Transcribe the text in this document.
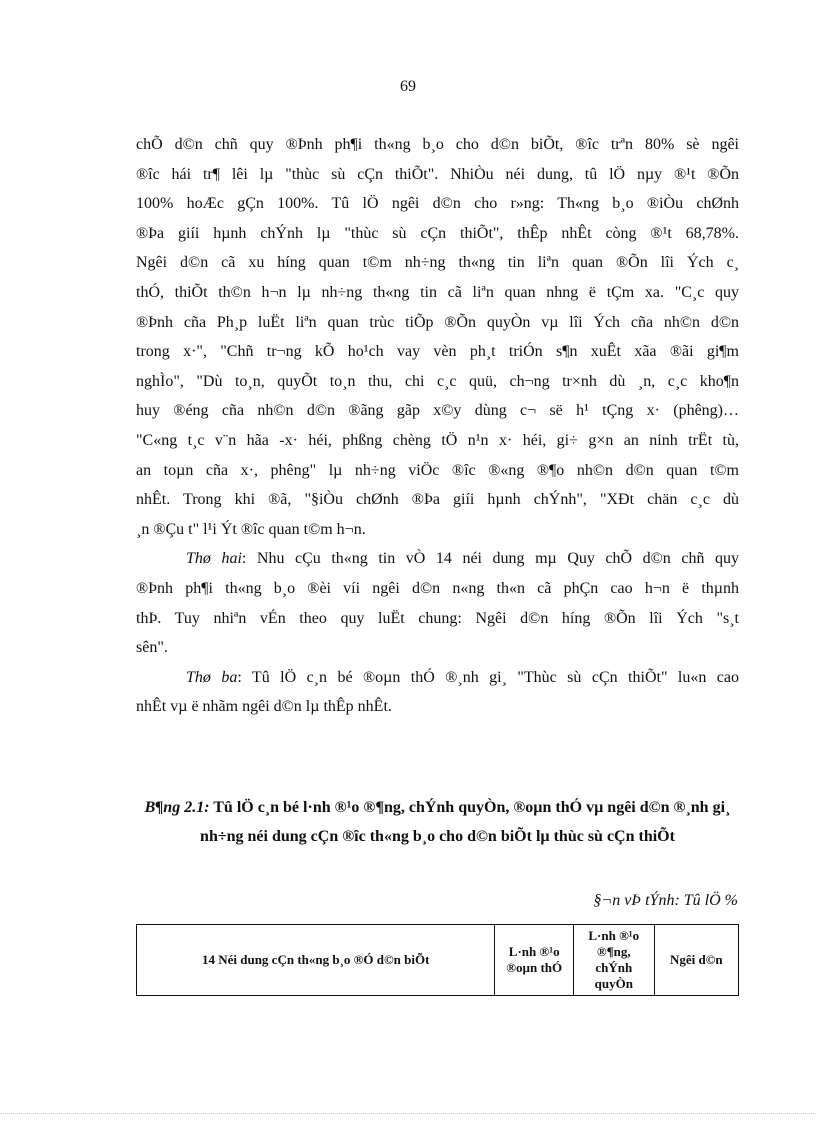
69
chÕ d©n chñ quy ®Þnh ph¶i th«ng b¸o cho d©n biÕt, ®îc trªn 80% sè ngêi
®îc hái tr¶ lêi lµ "thùc sù cÇn thiÕt". NhiÒu néi dung, tû lÖ nµy ®¹t ®Õn
100% hoÆc gÇn 100%. Tû lÖ ngêi d©n cho r»ng: Th«ng b¸o ®iÒu chØnh
®Þa giíi hµnh chÝnh lµ "thùc sù cÇn thiÕt", thÊp nhÊt còng ®¹t 68,78%.
Ngêi d©n cã xu híng quan t©m nh÷ng th«ng tin liªn quan ®Õn lîi Ých c¸
thÓ, thiÕt th©n h¬n lµ nh÷ng th«ng tin cã liªn quan nhng ë tÇm xa. "C¸c quy
®Þnh cña Ph¸p luËt liªn quan trùc tiÕp ®Õn quyÒn vµ lîi Ých cña nh©n d©n
trong x·", "Chñ tr¬ng kÕ ho¹ch vay vèn ph¸t triÓn s¶n xuÊt xãa ®ãi gi¶m
nghÌo", "Dù to¸n, quyÕt to¸n thu, chi c¸c quü, ch¬ng tr×nh dù ¸n, c¸c kho¶n
huy ®éng cña nh©n d©n ®ãng gãp x©y dùng c¬ së h¹ tÇng x· (phêng)…
"C«ng t¸c v¨n hãa -x· héi, phßng chèng tÖ n¹n x· héi, gi÷ g×n an ninh trËt tù,
an toµn cña x·, phêng" lµ nh÷ng viÖc ®îc ®«ng ®¶o nh©n d©n quan t©m
nhÊt. Trong khi ®ã, "§iÒu chØnh ®Þa giíi hµnh chÝnh", "XÐt chän c¸c dù
¸n ®Çu t" l¹i Ýt ®îc quan t©m h¬n.
Thø hai: Nhu cÇu th«ng tin vÒ 14 néi dung mµ Quy chÕ d©n chñ quy
®Þnh ph¶i th«ng b¸o ®èi víi ngêi d©n n«ng th«n cã phÇn cao h¬n ë thµnh
thÞ. Tuy nhiªn vÉn theo quy luËt chung: Ngêi d©n híng ®Õn lîi Ých "s¸t
sên".
Thø ba: Tû lÖ c¸n bé ®oµn thÓ ®¸nh gi¸ "Thùc sù cÇn thiÕt" lu«n cao
nhÊt vµ ë nhãm ngêi d©n lµ thÊp nhÊt.
B¶ng 2.1: Tû lÖ c¸n bé l·nh ®¹o ®¶ng, chÝnh quyÒn, ®oµn thÓ vµ ngêi d©n ®¸nh gi¸ nh÷ng néi dung cÇn ®îc th«ng b¸o cho d©n biÕt lµ thùc sù cÇn thiÕt
§¬n vÞ tÝnh: Tû lÖ %
14 Néi dung cÇn th«ng b¸o ®Ó d©n biÕt	L·nh ®¹o ®oµn thÓ	L·nh ®¹o ®¶ng, chÝnh quyÒn	Ngêi d©n
